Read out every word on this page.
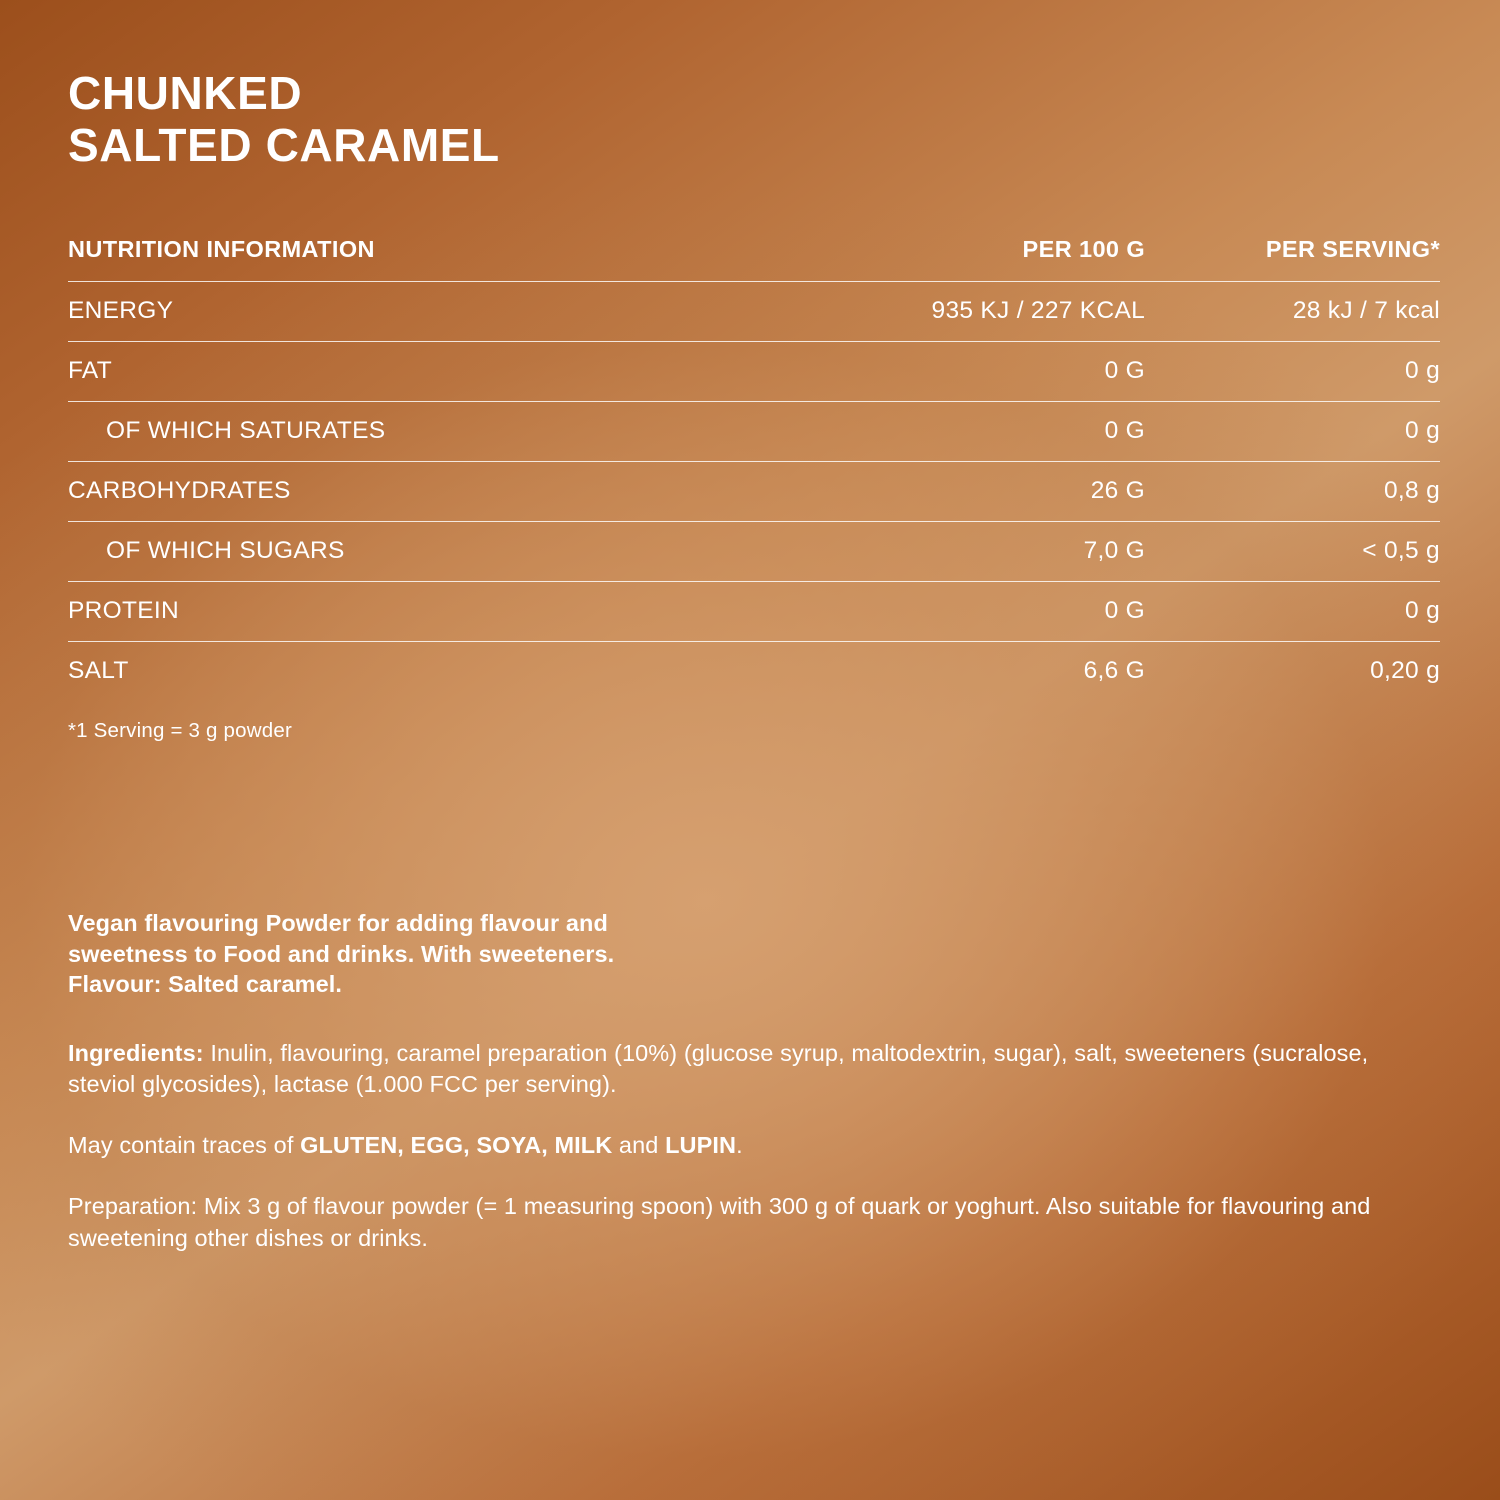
CHUNKED
SALTED CARAMEL
NUTRITION INFORMATION	PER 100 G	PER SERVING*
ENERGY	935 KJ / 227 KCAL	28 kJ / 7 kcal
FAT	0 G	0 g
OF WHICH SATURATES	0 G	0 g
CARBOHYDRATES	26 G	0,8 g
OF WHICH SUGARS	7,0 G	< 0,5 g
PROTEIN	0 G	0 g
SALT	6,6 G	0,20 g
*1 Serving = 3 g powder

Vegan flavouring Powder for adding flavour and
sweetness to Food and drinks. With sweeteners.
Flavour: Salted caramel.

Ingredients: Inulin, flavouring, caramel preparation (10%) (glucose syrup, maltodextrin, sugar), salt, sweeteners (sucralose, steviol glycosides), lactase (1.000 FCC per serving).

May contain traces of GLUTEN, EGG, SOYA, MILK and LUPIN.

Preparation: Mix 3 g of flavour powder (= 1 measuring spoon) with 300 g of quark or yoghurt. Also suitable for flavouring and sweetening other dishes or drinks.
